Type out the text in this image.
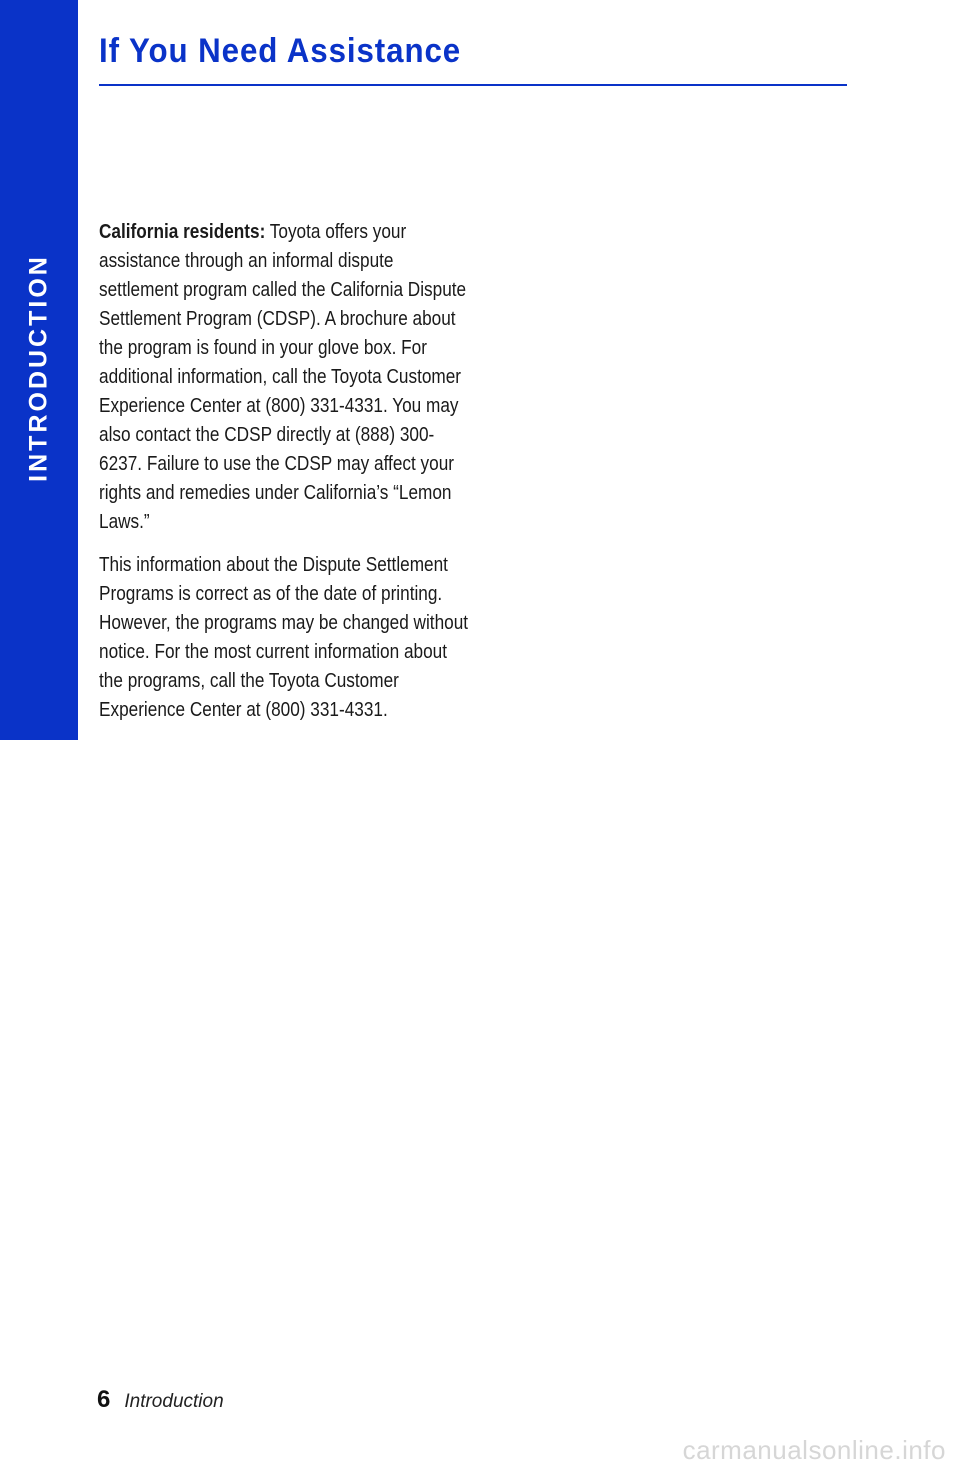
INTRODUCTION
If You Need Assistance

California residents: Toyota offers your assistance through an informal dispute settlement program called the California Dispute Settlement Program (CDSP). A brochure about the program is found in your glove box. For additional information, call the Toyota Customer Experience Center at (800) 331-4331. You may also contact the CDSP directly at (888) 300-6237. Failure to use the CDSP may affect your rights and remedies under California’s “Lemon Laws.”

This information about the Dispute Settlement Programs is correct as of the date of printing. However, the programs may be changed without notice. For the most current information about the programs, call the Toyota Customer Experience Center at (800) 331-4331.

6 Introduction
carmanualsonline.info
